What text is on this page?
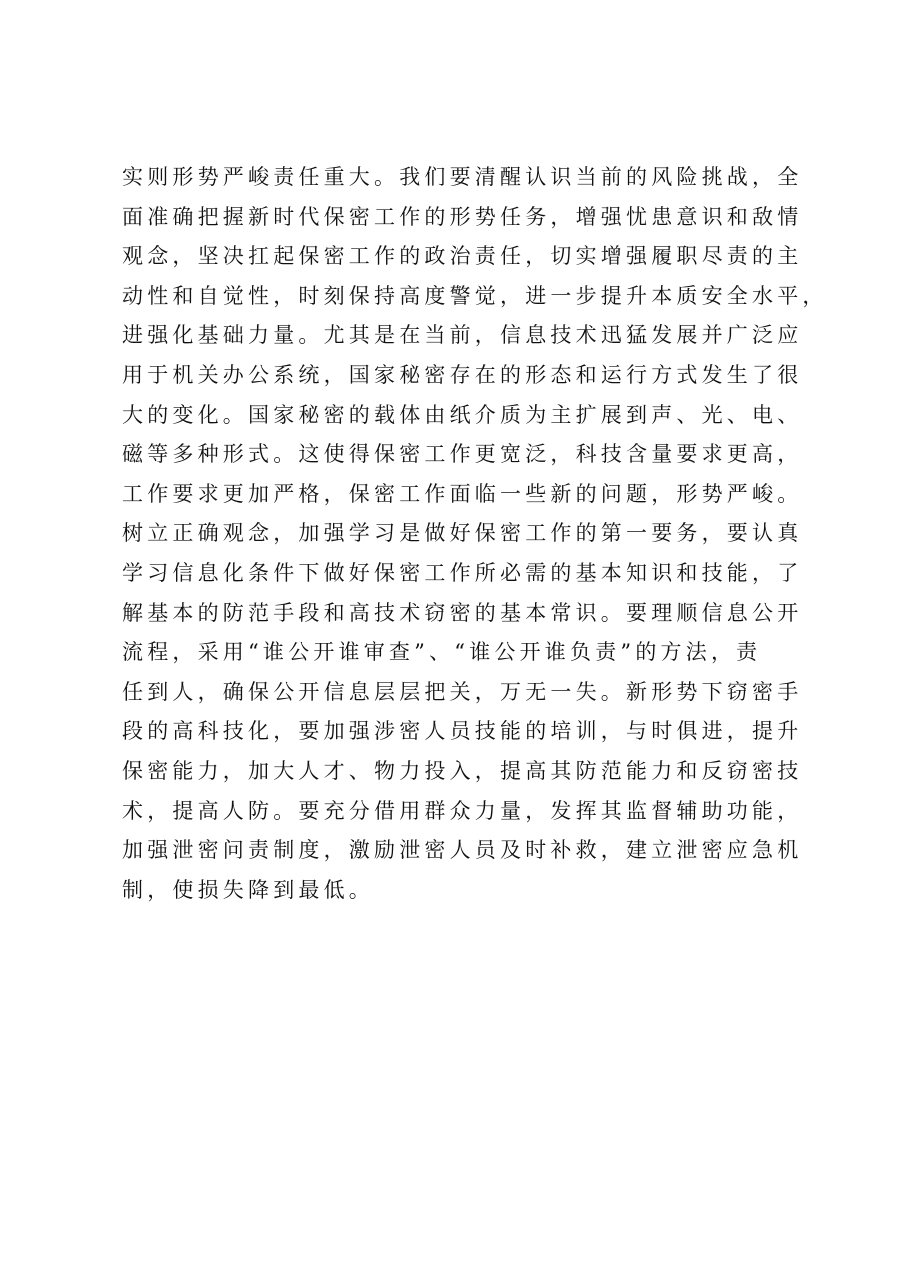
实则形势严峻责任重大。我们要清醒认识当前的风险挑战，全
面准确把握新时代保密工作的形势任务，增强忧患意识和敌情
观念，坚决扛起保密工作的政治责任，切实增强履职尽责的主
动性和自觉性，时刻保持高度警觉，进一步提升本质安全水平，
进强化基础力量。尤其是在当前，信息技术迅猛发展并广泛应
用于机关办公系统，国家秘密存在的形态和运行方式发生了很
大的变化。国家秘密的载体由纸介质为主扩展到声、光、电、
磁等多种形式。这使得保密工作更宽泛，科技含量要求更高，
工作要求更加严格，保密工作面临一些新的问题，形势严峻。
树立正确观念，加强学习是做好保密工作的第一要务，要认真
学习信息化条件下做好保密工作所必需的基本知识和技能，了
解基本的防范手段和高技术窃密的基本常识。要理顺信息公开
流程，采用“谁公开谁审查”、“谁公开谁负责”的方法，责
任到人，确保公开信息层层把关，万无一失。新形势下窃密手
段的高科技化，要加强涉密人员技能的培训，与时俱进，提升
保密能力，加大人才、物力投入，提高其防范能力和反窃密技
术，提高人防。要充分借用群众力量，发挥其监督辅助功能，
加强泄密问责制度，激励泄密人员及时补救，建立泄密应急机
制，使损失降到最低。
